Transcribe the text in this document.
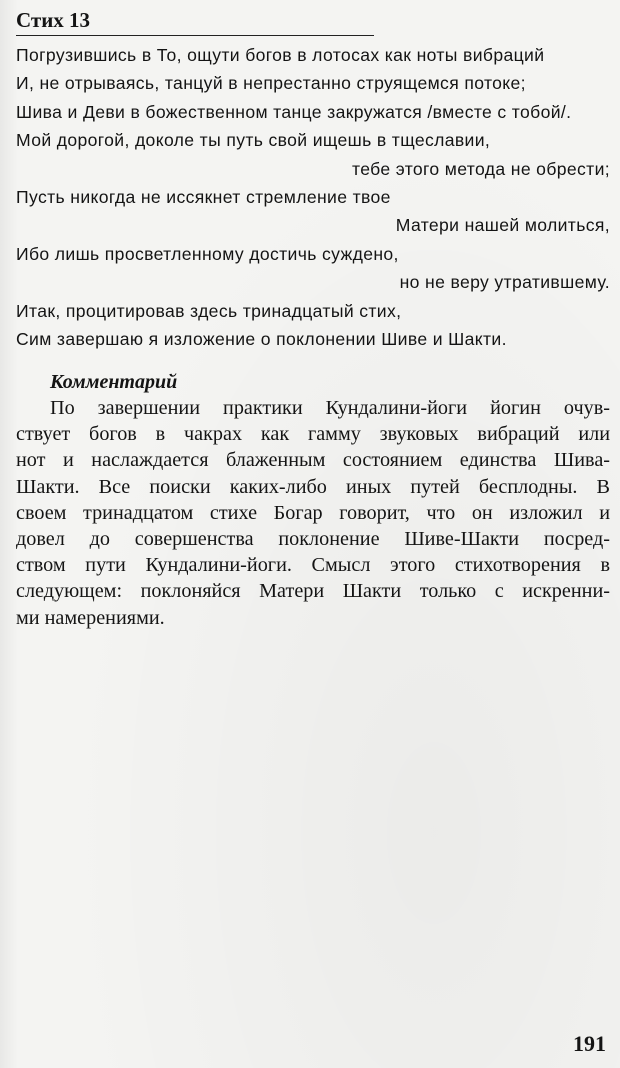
Стих 13
Погрузившись в То, ощути богов в лотосах как ноты вибраций
И, не отрываясь, танцуй в непрестанно струящемся потоке;
Шива и Деви в божественном танце закружатся /вместе с тобой/.
Мой дорогой, доколе ты путь свой ищешь в тщеславии,
тебе этого метода не обрести;
Пусть никогда не иссякнет стремление твое
Матери нашей молиться,
Ибо лишь просветленному достичь суждено,
но не веру утратившему.
Итак, процитировав здесь тринадцатый стих,
Сим завершаю я изложение о поклонении Шиве и Шакти.
Комментарий
По завершении практики Кундалини-йоги йогин очув-
ствует богов в чакрах как гамму звуковых вибраций или
нот и наслаждается блаженным состоянием единства Шива-
Шакти. Все поиски каких-либо иных путей бесплодны. В
своем тринадцатом стихе Богар говорит, что он изложил и
довел до совершенства поклонение Шиве-Шакти посред-
ством пути Кундалини-йоги. Смысл этого стихотворения в
следующем: поклоняйся Матери Шакти только с искренни-
ми намерениями.
191
